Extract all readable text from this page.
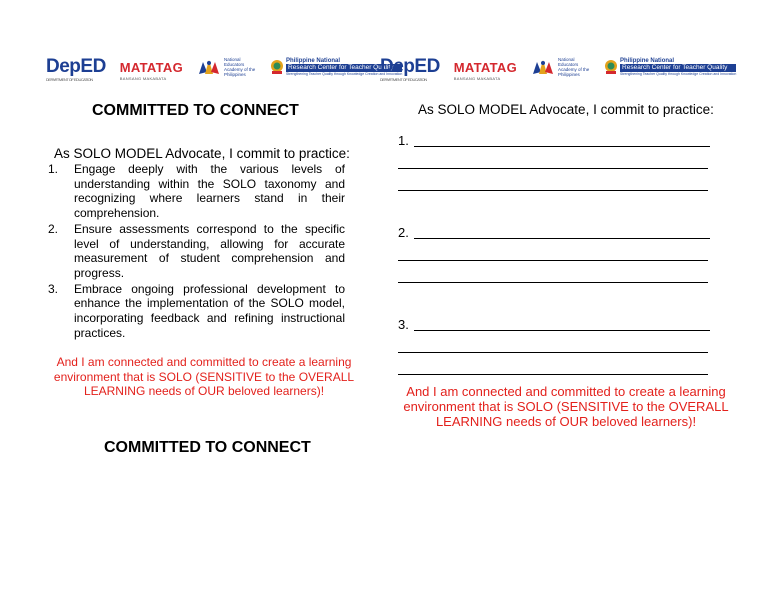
DepED
DEPARTMENT OF EDUCATION
MATATAG
BANSANG MAKABATA
National Educators Academy of the Philippines
Philippine National
Research Center for Teacher Quality
Strengthening Teacher Quality through Knowledge Creation and Innovation
DepED
DEPARTMENT OF EDUCATION
MATATAG
BANSANG MAKABATA
National Educators Academy of the Philippines
Philippine National
Research Center for Teacher Quality
Strengthening Teacher Quality through Knowledge Creation and Innovation
COMMITTED TO CONNECT
As SOLO MODEL Advocate, I commit to practice:
1.	Engage deeply with the various levels of understanding within the SOLO taxonomy and recognizing where learners stand in their comprehension.
2.	Ensure assessments correspond to the specific level of understanding, allowing for accurate measurement of student comprehension and progress.
3.	Embrace ongoing professional development to enhance the implementation of the SOLO model, incorporating feedback and refining instructional practices.
And I am connected and committed to create a learning environment that is SOLO (SENSITIVE to the OVERALL LEARNING needs of OUR beloved learners)!
COMMITTED TO CONNECT
As SOLO MODEL Advocate, I commit to practice:
1.
2.
3.
And I am connected and committed to create a learning environment that is SOLO (SENSITIVE to the OVERALL LEARNING needs of OUR beloved learners)!
